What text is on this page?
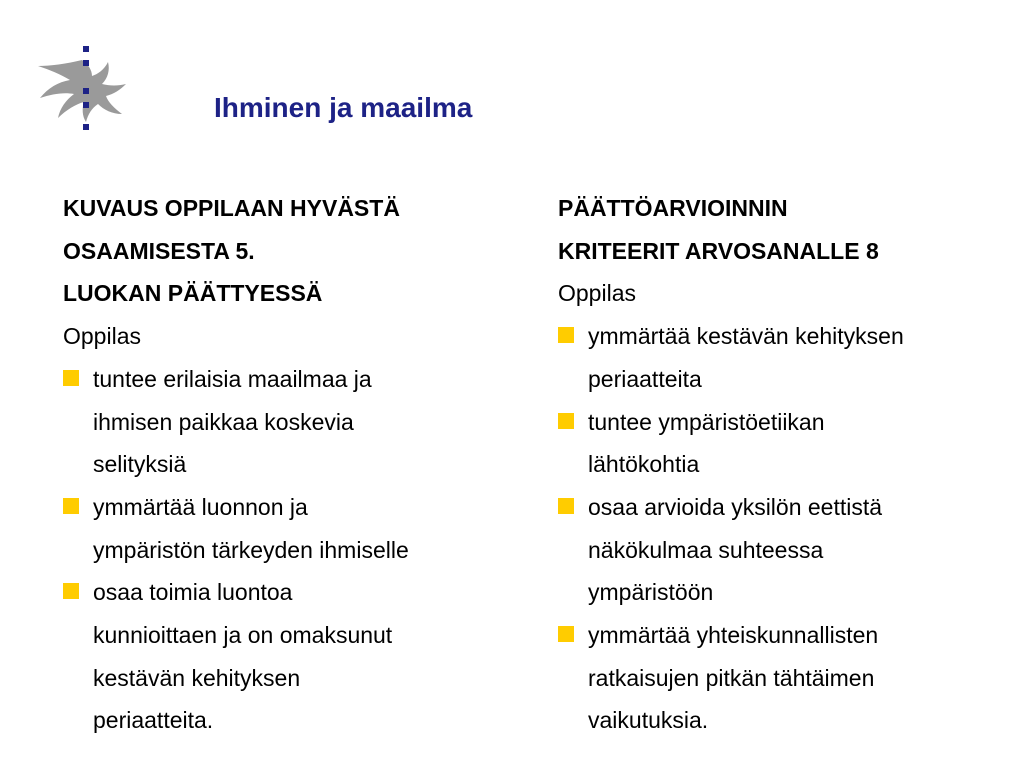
Ihminen ja maailma
KUVAUS OPPILAAN HYVÄSTÄ
OSAAMISESTA 5.
LUOKAN PÄÄTTYESSÄ
Oppilas
tuntee erilaisia maailmaa ja
ihmisen paikkaa koskevia
selityksiä
ymmärtää luonnon ja
ympäristön tärkeyden ihmiselle
osaa toimia luontoa
kunnioittaen ja on omaksunut
kestävän kehityksen
periaatteita.
PÄÄTTÖARVIOINNIN
KRITEERIT ARVOSANALLE 8
Oppilas
ymmärtää kestävän kehityksen
periaatteita
tuntee ympäristöetiikan
lähtökohtia
osaa arvioida yksilön eettistä
näkökulmaa suhteessa
ympäristöön
ymmärtää yhteiskunnallisten
ratkaisujen pitkän tähtäimen
vaikutuksia.
